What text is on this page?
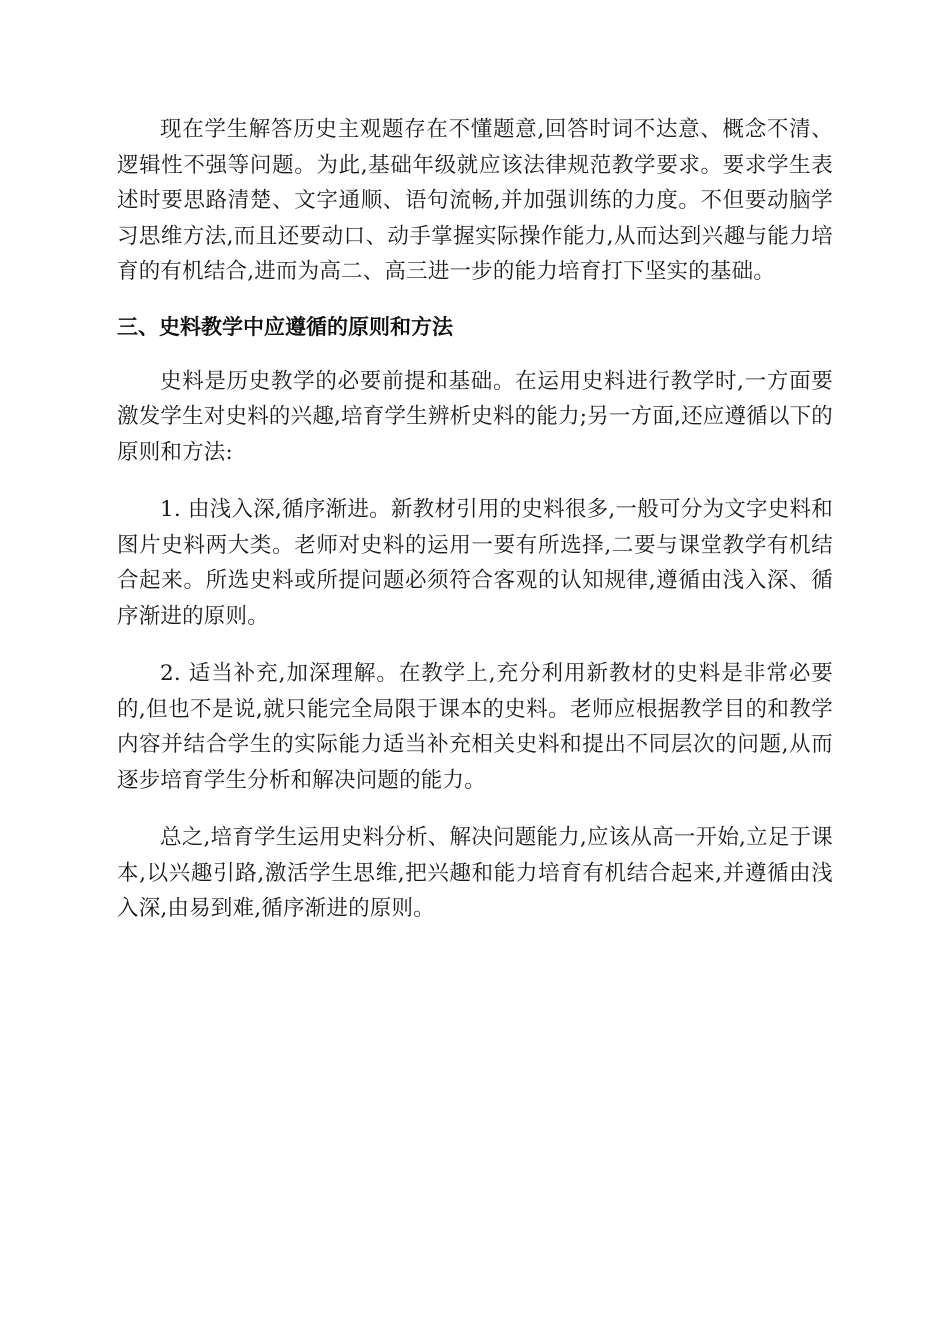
现在学生解答历史主观题存在不懂题意,回答时词不达意、概念不清、逻辑性不强等问题。为此,基础年级就应该法律规范教学要求。要求学生表述时要思路清楚、文字通顺、语句流畅,并加强训练的力度。不但要动脑学习思维方法,而且还要动口、动手掌握实际操作能力,从而达到兴趣与能力培育的有机结合,进而为高二、高三进一步的能力培育打下坚实的基础。

三、史料教学中应遵循的原则和方法

史料是历史教学的必要前提和基础。在运用史料进行教学时,一方面要激发学生对史料的兴趣,培育学生辨析史料的能力;另一方面,还应遵循以下的原则和方法:

1. 由浅入深,循序渐进。新教材引用的史料很多,一般可分为文字史料和图片史料两大类。老师对史料的运用一要有所选择,二要与课堂教学有机结合起来。所选史料或所提问题必须符合客观的认知规律,遵循由浅入深、循序渐进的原则。

2. 适当补充,加深理解。在教学上,充分利用新教材的史料是非常必要的,但也不是说,就只能完全局限于课本的史料。老师应根据教学目的和教学内容并结合学生的实际能力适当补充相关史料和提出不同层次的问题,从而逐步培育学生分析和解决问题的能力。

总之,培育学生运用史料分析、解决问题能力,应该从高一开始,立足于课本,以兴趣引路,激活学生思维,把兴趣和能力培育有机结合起来,并遵循由浅入深,由易到难,循序渐进的原则。
